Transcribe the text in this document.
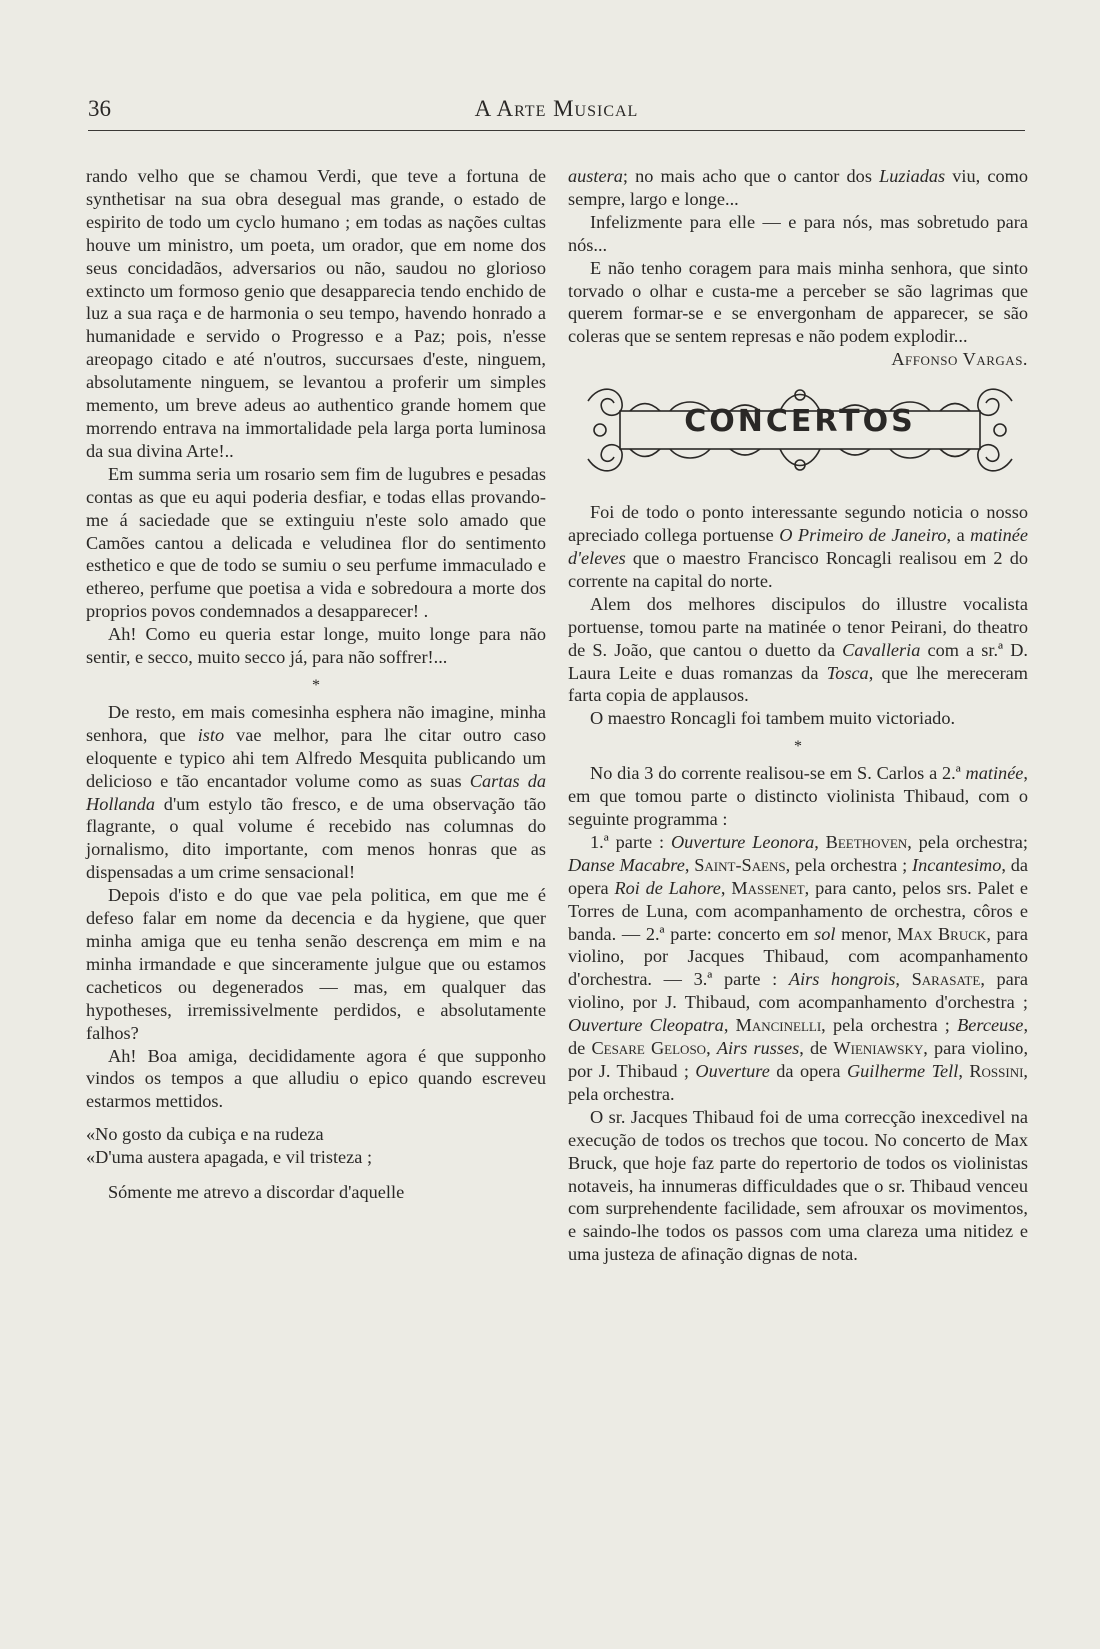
36	A Arte Musical

rando velho que se chamou Verdi, que teve a fortuna de synthetisar na sua obra desegual mas grande, o estado de espirito de todo um cyclo humano ; em todas as nações cultas houve um ministro, um poeta, um orador, que em nome dos seus concidadãos, adversarios ou não, saudou no glorioso extincto um formoso genio que desapparecia tendo enchido de luz a sua raça e de harmonia o seu tempo, havendo honrado a humanidade e servido o Progresso e a Paz; pois, n'esse areopago citado e até n'outros, succursaes d'este, ninguem, absolutamente ninguem, se levantou a proferir um simples memento, um breve adeus ao authentico grande homem que morrendo entrava na immortalidade pela larga porta luminosa da sua divina Arte!..

Em summa seria um rosario sem fim de lugubres e pesadas contas as que eu aqui poderia desfiar, e todas ellas provando-me á saciedade que se extinguiu n'este solo amado que Camões cantou a delicada e veludinea flor do sentimento esthetico e que de todo se sumiu o seu perfume immaculado e ethereo, perfume que poetisa a vida e sobredoura a morte dos proprios povos condemnados a desapparecer! .

Ah! Como eu queria estar longe, muito longe para não sentir, e secco, muito secco já, para não soffrer!...

*

De resto, em mais comesinha esphera não imagine, minha senhora, que isto vae melhor, para lhe citar outro caso eloquente e typico ahi tem Alfredo Mesquita publicando um delicioso e tão encantador volume como as suas Cartas da Hollanda d'um estylo tão fresco, e de uma observação tão flagrante, o qual volume é recebido nas columnas do jornalismo, dito importante, com menos honras que as dispensadas a um crime sensacional!

Depois d'isto e do que vae pela politica, em que me é defeso falar em nome da decencia e da hygiene, que quer minha amiga que eu tenha senão descrença em mim e na minha irmandade e que sinceramente julgue que ou estamos cacheticos ou degenerados — mas, em qualquer das hypotheses, irremissivelmente perdidos, e absolutamente falhos?

Ah! Boa amiga, decididamente agora é que supponho vindos os tempos a que alludiu o epico quando escreveu estarmos mettidos.

«No gosto da cubiça e na rudeza

«D'uma austera apagada, e vil tristeza ;

Sómente me atrevo a discordar d'aquelle

austera; no mais acho que o cantor dos Luziadas viu, como sempre, largo e longe...

Infelizmente para elle — e para nós, mas sobretudo para nós...

E não tenho coragem para mais minha senhora, que sinto torvado o olhar e custa-me a perceber se são lagrimas que querem formar-se e se envergonham de apparecer, se são coleras que se sentem represas e não podem explodir...

Affonso Vargas.

CONCERTOS

Foi de todo o ponto interessante segundo noticia o nosso apreciado collega portuense O Primeiro de Janeiro, a matinée d'eleves que o maestro Francisco Roncagli realisou em 2 do corrente na capital do norte.

Alem dos melhores discipulos do illustre vocalista portuense, tomou parte na matinée o tenor Peirani, do theatro de S. João, que cantou o duetto da Cavalleria com a sr.ª D. Laura Leite e duas romanzas da Tosca, que lhe mereceram farta copia de applausos.

O maestro Roncagli foi tambem muito victoriado.

*

No dia 3 do corrente realisou-se em S. Carlos a 2.ª matinée, em que tomou parte o distincto violinista Thibaud, com o seguinte programma :

1.ª parte : Ouverture Leonora, Beethoven, pela orchestra; Danse Macabre, Saint-Saens, pela orchestra ; Incantesimo, da opera Roi de Lahore, Massenet, para canto, pelos srs. Palet e Torres de Luna, com acompanhamento de orchestra, côros e banda. — 2.ª parte: concerto em sol menor, Max Bruck, para violino, por Jacques Thibaud, com acompanhamento d'orchestra. — 3.ª parte : Airs hongrois, Sarasate, para violino, por J. Thibaud, com acompanhamento d'orchestra ; Ouverture Cleopatra, Mancinelli, pela orchestra ; Berceuse, de Cesare Geloso, Airs russes, de Wieniawsky, para violino, por J. Thibaud ; Ouverture da opera Guilherme Tell, Rossini, pela orchestra.

O sr. Jacques Thibaud foi de uma correcção inexcedivel na execução de todos os trechos que tocou. No concerto de Max Bruck, que hoje faz parte do repertorio de todos os violinistas notaveis, ha innumeras difficuldades que o sr. Thibaud venceu com surprehendente facilidade, sem afrouxar os movimentos, e saindo-lhe todos os passos com uma clareza uma nitidez e uma justeza de afinação dignas de nota.
